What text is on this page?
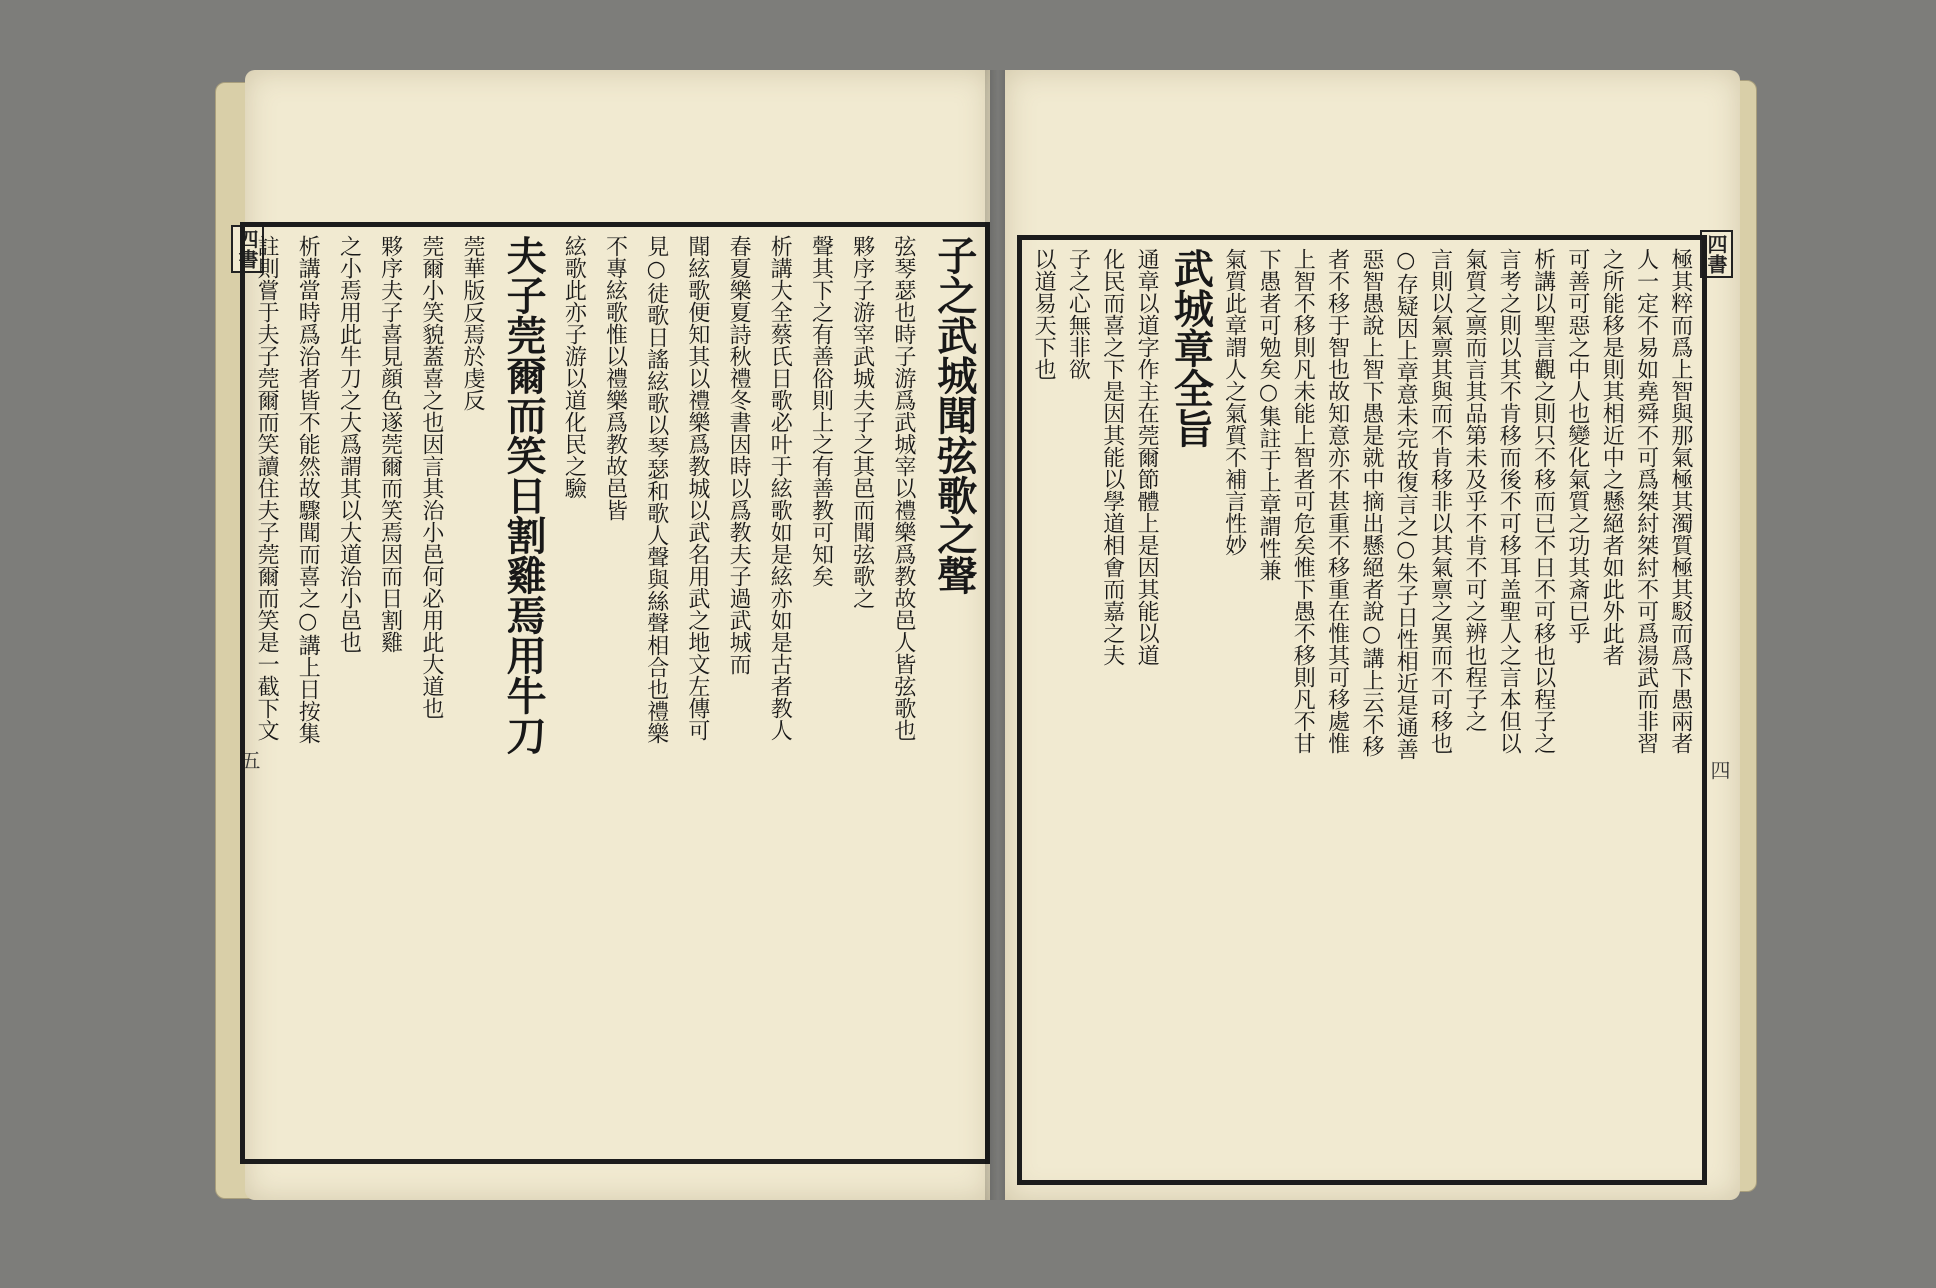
四書
五
子之武城聞弦歌之聲
弦琴瑟也時子游爲武城宰以禮樂爲教故邑人皆弦歌也
夥序子游宰武城夫子之其邑而聞弦歌之
聲其下之有善俗則上之有善教可知矣
析講大全蔡氏日歌必叶于絃歌如是絃亦如是古者教人
春夏樂夏詩秋禮冬書因時以爲教夫子過武城而
聞絃歌便知其以禮樂爲教城以武名用武之地文左傳可
見○徒歌日謠絃歌以琴瑟和歌人聲與絲聲相合也禮樂
不專絃歌惟以禮樂爲教故邑皆
絃歌此亦子游以道化民之驗
夫子莞爾而笑日割雞焉用牛刀
莞華版反焉於虔反
莞爾小笑貌蓋喜之也因言其治小邑何必用此大道也
夥序夫子喜見顔色遂莞爾而笑焉因而日割雞
之小焉用此牛刀之大爲謂其以大道治小邑也
析講當時爲治者皆不能然故驟聞而喜之○講上日按集
註則嘗于夫子莞爾而笑讀住夫子莞爾而笑是一截下文	四書
四
極其粹而爲上智與那氣極其濁質極其駁而爲下愚兩者
人一定不易如堯舜不可爲桀紂桀紂不可爲湯武而非習
之所能移是則其相近中之懸絕者如此外此者
可善可惡之中人也變化氣質之功其斎已乎
析講以聖言觀之則只不移而已不日不可移也以程子之
言考之則以其不肯移而後不可移耳盖聖人之言本但以
氣質之禀而言其品第未及乎不肯不可之辨也程子之
言則以氣禀其與而不肯移非以其氣禀之異而不可移也
○存疑因上章意未完故復言之○朱子日性相近是通善
惡智愚說上智下愚是就中摘出懸絕者說○講上云不移
者不移于智也故知意亦不甚重不移重在惟其可移處惟
上智不移則凡未能上智者可危矣惟下愚不移則凡不甘
下愚者可勉矣○集註于上章謂性兼
氣質此章謂人之氣質不補言性妙
武城章全旨
通章以道字作主在莞爾節體上是因其能以道
化民而喜之下是因其能以學道相㑹而嘉之夫
子之心無非欲
以道易天下也
